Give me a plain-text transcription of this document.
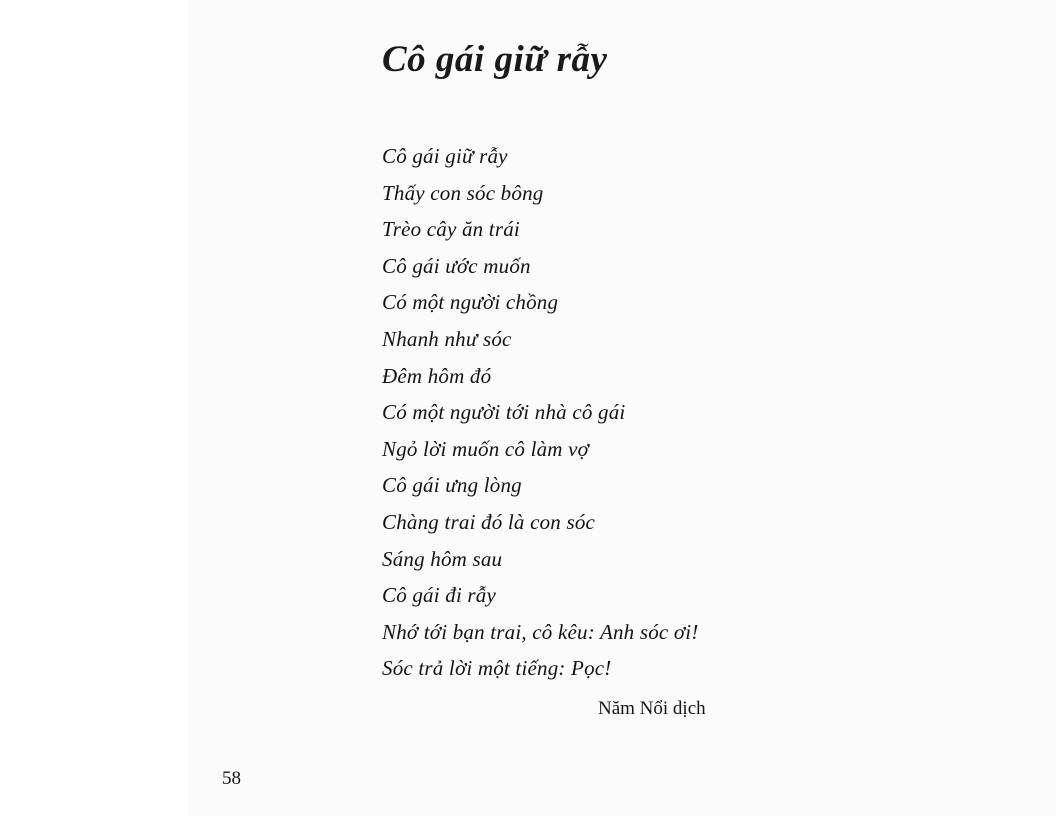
Cô gái giữ rẫy
Cô gái giữ rẫy
Thấy con sóc bông
Trèo cây ăn trái
Cô gái ước muốn
Có một người chồng
Nhanh như sóc
Đêm hôm đó
Có một người tới nhà cô gái
Ngỏ lời muốn cô làm vợ
Cô gái ưng lòng
Chàng trai đó là con sóc
Sáng hôm sau
Cô gái đi rẫy
Nhớ tới bạn trai, cô kêu: Anh sóc ơi!
Sóc trả lời một tiếng: Pọc!
Năm Nổi dịch
58
